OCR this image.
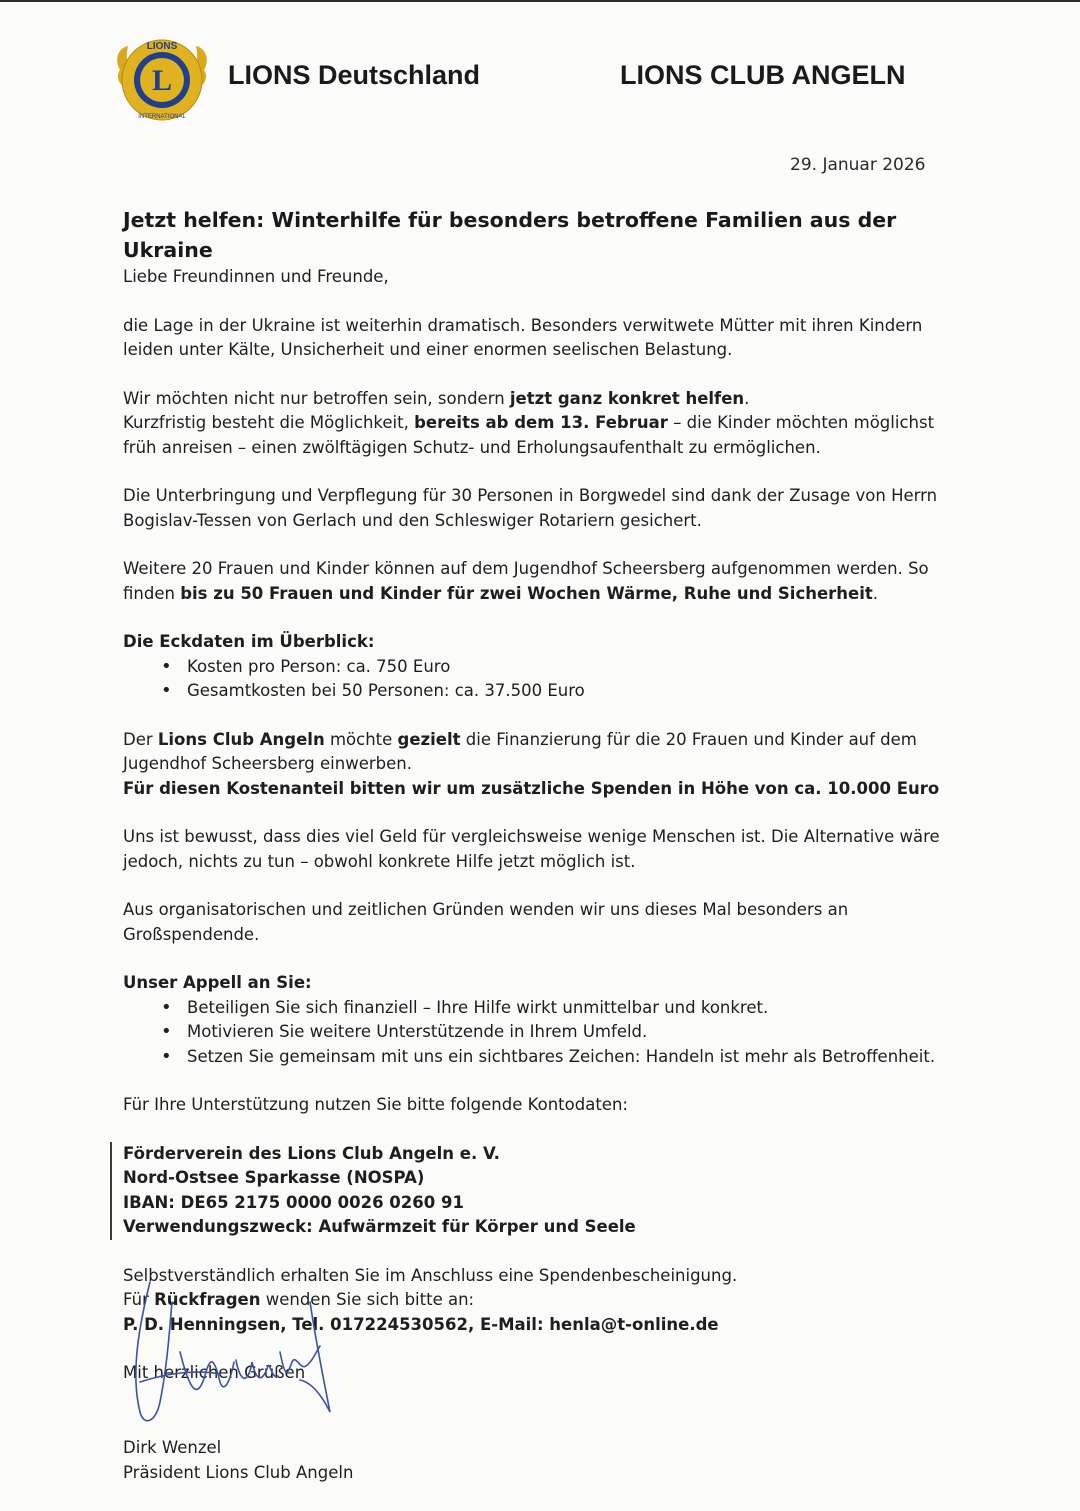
L
LIONS
INTERNATIONAL
LIONS Deutschland	LIONS CLUB ANGELN
29. Januar 2026

Jetzt helfen: Winterhilfe für besonders betroffene Familien aus der Ukraine

Liebe Freundinnen und Freunde,

die Lage in der Ukraine ist weiterhin dramatisch. Besonders verwitwete Mütter mit ihren Kindern leiden unter Kälte, Unsicherheit und einer enormen seelischen Belastung.

Wir möchten nicht nur betroffen sein, sondern jetzt ganz konkret helfen.

Kurzfristig besteht die Möglichkeit, bereits ab dem 13. Februar – die Kinder möchten möglichst früh anreisen – einen zwölftägigen Schutz- und Erholungsaufenthalt zu ermöglichen.

Die Unterbringung und Verpflegung für 30 Personen in Borgwedel sind dank der Zusage von Herrn Bogislav-Tessen von Gerlach und den Schleswiger Rotariern gesichert.

Weitere 20 Frauen und Kinder können auf dem Jugendhof Scheersberg aufgenommen werden. So finden bis zu 50 Frauen und Kinder für zwei Wochen Wärme, Ruhe und Sicherheit.

Die Eckdaten im Überblick:

• Kosten pro Person: ca. 750 Euro
• Gesamtkosten bei 50 Personen: ca. 37.500 Euro

Der Lions Club Angeln möchte gezielt die Finanzierung für die 20 Frauen und Kinder auf dem Jugendhof Scheersberg einwerben.

Für diesen Kostenanteil bitten wir um zusätzliche Spenden in Höhe von ca. 10.000 Euro

Uns ist bewusst, dass dies viel Geld für vergleichsweise wenige Menschen ist. Die Alternative wäre jedoch, nichts zu tun – obwohl konkrete Hilfe jetzt möglich ist.

Aus organisatorischen und zeitlichen Gründen wenden wir uns dieses Mal besonders an Großspendende.

Unser Appell an Sie:

• Beteiligen Sie sich finanziell – Ihre Hilfe wirkt unmittelbar und konkret.
• Motivieren Sie weitere Unterstützende in Ihrem Umfeld.
• Setzen Sie gemeinsam mit uns ein sichtbares Zeichen: Handeln ist mehr als Betroffenheit.

Für Ihre Unterstützung nutzen Sie bitte folgende Kontodaten:

Förderverein des Lions Club Angeln e. V.

Nord-Ostsee Sparkasse (NOSPA)

IBAN: DE65 2175 0000 0026 0260 91

Verwendungszweck: Aufwärmzeit für Körper und Seele

Selbstverständlich erhalten Sie im Anschluss eine Spendenbescheinigung.

Für Rückfragen wenden Sie sich bitte an:

P. D. Henningsen, Tel. 017224530562, E-Mail: henla@t-online.de

Mit herzlichen Grüßen

Dirk Wenzel

Präsident Lions Club Angeln
